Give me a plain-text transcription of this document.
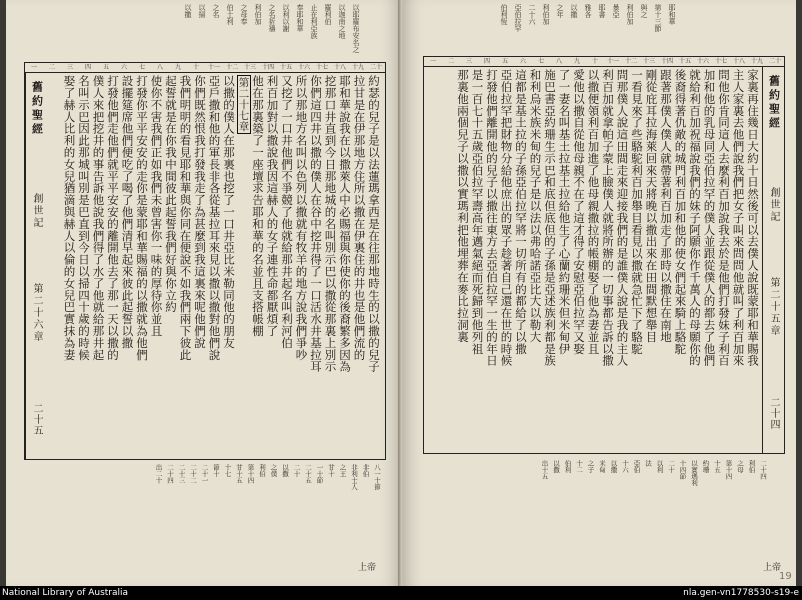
以耶羅布安名之
以迦南之地
羅利伯
止在利亞族
奉耶和華
以利以謝
之名祈禱
利伯加
之母奉
伯土利
之名
以掃
以撒
二十
十九
十八
十七
十六
十五
十四
十三
十二
十一
十
九
八
七
六
五
四
三
二
一
舊約聖經
創世記
第二十六章
二十五
約瑟的兒子是以法蓮瑪拿西是在往那地時生的以撒的兒子
拉甘是在伊那地方住所以撒在伊裏住的井也是他們流的
耶和華說我在以撒萊人中必賜福與你使你的後裔繁多因為
挖那口井直到今日那地城的名叫別示巴以撒從那裏上別示
你們這四井以撒的僕人在谷中挖井得了一口活水井基拉耳
所以那地方名叫以色列以撒就有牧羊的地方說我們爭吵
又挖了一口井他們不爭競了他就給那井起名叫利河伯
利百加對以撒說我因這赫人的女子連性命都厭煩了
他在那裏築了一座壇求告耶和華的名並且支搭帳棚
第二十七章
以撒的僕人在那裏也挖了一口井亞比米勒同他的朋友
亞戶撒和他的軍長非各從基拉耳來見以撒以撒對他們說
你們既然恨我打發我走了為甚麼到我這裏來呢他們說
我們明明的看見耶和華與你同在便說不如我們兩下彼此
起誓就是在你我中間彼此起誓我們好與你立約
使你不害我們正如我們未曾害你一味的厚待你並且
打發你平平安安的走你是蒙耶和華賜福的以撒就為他們
設擺筵席他們便吃了喝了他們清早起來彼此起誓以撒
打發他們走他們就平平安安的離開他去了那一天以撒的
僕人來把挖井的事告訴他說我們得了水了他就給那井起
名叫示巴因此那城叫別是巴直到今日以掃四十歲的時候
娶了赫人比利的女兒猶滴與赫人以倫的女兒巴實抹為妻
八一十節
非伯
非利士人
之王
甘十
一十節
二十五
二十
以撒
之僕
利伯
第十四
甘十五
十七
節十
二十一
二十二
二十三
二十四
出二十
上帝
耶和華
第十三節
與之
利伯加
暴亞
耶書
雅各
以撒
之年
利伯加
二十六
亞伯拉罕
伯利恆
二十
十九
十八
十七
十六
十五
十四
十三
十二
十一
十
九
八
七
六
五
四
三
二
一
舊約聖經
創世記
第二十五章
二十四
家裏再住幾日大約十日然後可以去僕人說既蒙耶和華賜我
主人家裏去他們說我們把女子叫來問問他就叫了利百加來
問他你肯同這人去麼利百加說我去於是他們打發妹子利百
加和他的乳母同亞伯拉罕的僕人並跟從僕人的都去了他們
就給利百加祝福說我們的妹子阿願你作千萬人的母願你的
後裔得著仇敵的城門利百加和他的使女們起來騎上駱駝
跟著那僕人僕人就帶著利百加走了那時以撒住在南地
剛從庇耳拉海萊回來天將晚以撒出來在田間默想舉目
一看見來了些駱駝利百加舉目看見以撒就急忙下了駱駝
問那僕人說這田間走來迎接我們的是誰僕人說是我的主人
利百加就拿帕子蒙上臉僕人就將所辦的一切事都告訴以撒
以撒便領利百加進了他母親撒拉的帳棚娶了他為妻並且
愛他以撒自從他母親不在了這才得了安慰亞伯拉罕又娶
了一妻名叫基土拉基土拉給他生了心蘭約珊米但米甸伊
施巴書亞約珊生示巴和底但底但的子孫是亞述族利都是族
和利烏米族米甸的兒子是以法以弗哈諾亞比大以勒大
這都是基土拉的子孫亞伯拉罕將一切所有的都給了以撒
亞伯拉罕把財物分給他庶出的眾子趁著自己還在世的時候
打發他們離開他的兒子以撒往東方去亞伯拉罕一生的年日
是一百七十五歲亞伯拉罕壽高年邁氣絕而死歸到他列祖
那裏他兩個兒子以撒以實瑪利把他埋葬在麥比拉洞裏
二十四
利伯
之母
第十四
十五
約珊
以實瑪利
十四節
二十
以利
法
亞伯
十六
以撒
米甸
之子
十二
伯利
以撒
出十五
上帝
19
National Library of Australia	nla.gen-vn1778530-s19-e
